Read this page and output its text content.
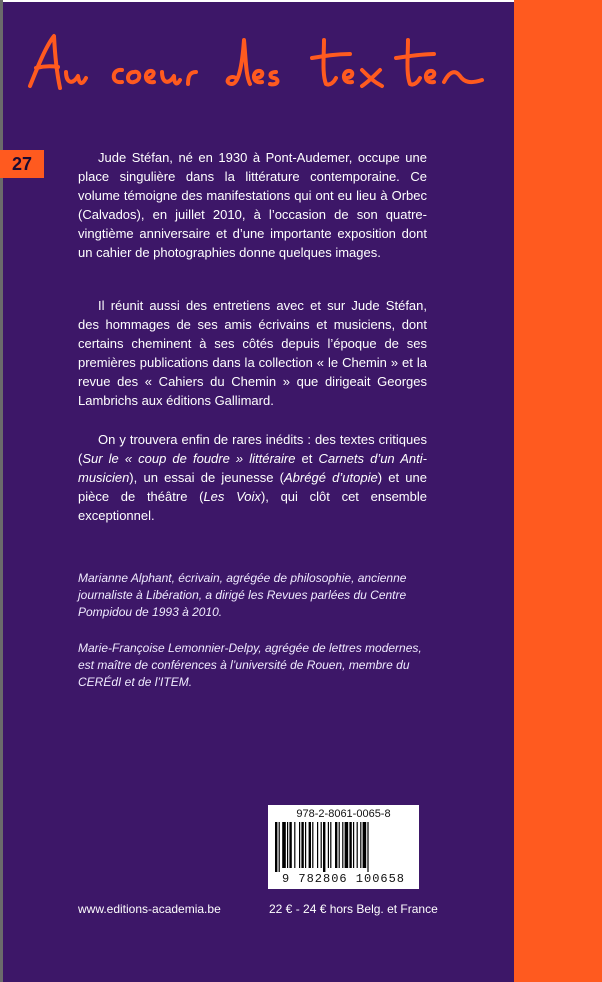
27	Jude Stéfan, né en 1930 à Pont-Audemer, occupe une place singulière dans la littérature contemporaine. Ce volume témoigne des manifestations qui ont eu lieu à Orbec (Calvados), en juillet 2010, à l’occasion de son quatre-vingtième anniversaire et d’une importante exposition dont un cahier de photographies donne quelques images.

Il réunit aussi des entretiens avec et sur Jude Stéfan, des hommages de ses amis écrivains et musiciens, dont certains cheminent à ses côtés depuis l’époque de ses premières publications dans la collection « le Chemin » et la revue des « Cahiers du Chemin » que dirigeait Georges Lambrichs aux éditions Gallimard.

On y trouvera enfin de rares inédits : des textes critiques (Sur le « coup de foudre » littéraire et Carnets d’un Anti-musicien), un essai de jeunesse (Abrégé d’utopie) et une pièce de théâtre (Les Voix), qui clôt cet ensemble exceptionnel.

Marianne Alphant, écrivain, agrégée de philosophie, ancienne journaliste à Libération, a dirigé les Revues parlées du Centre Pompidou de 1993 à 2010.

Marie-Françoise Lemonnier-Delpy, agrégée de lettres modernes, est maître de conférences à l’université de Rouen, membre du CERÉdI et de l’ITEM.

978-2-8061-0065-8
9 782806 100658
www.editions-academia.be	22 € - 24 € hors Belg. et France
